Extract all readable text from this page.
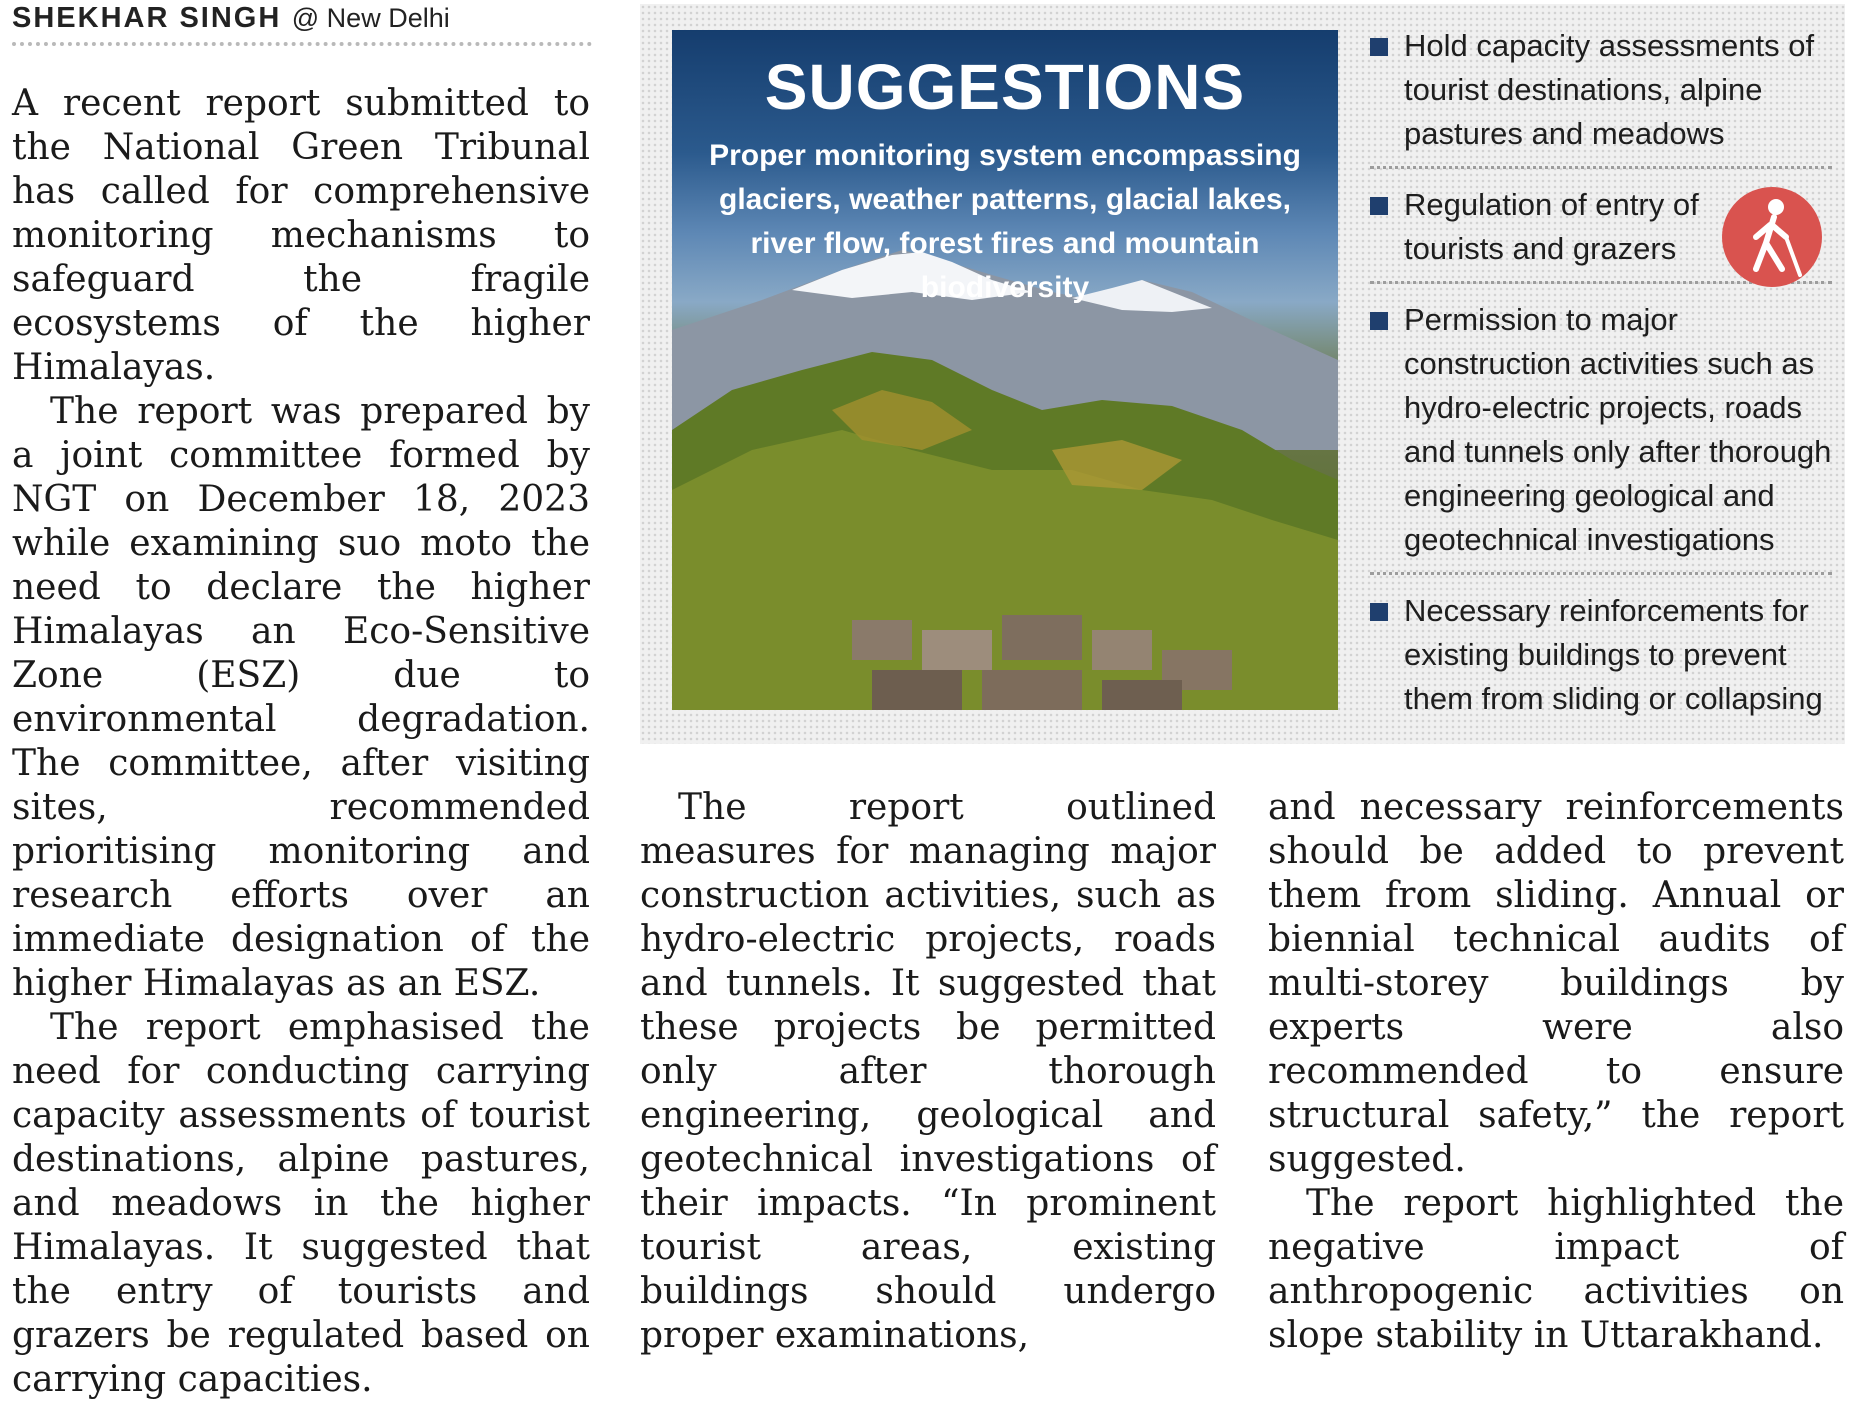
SHEKHAR SINGH @ New Delhi

A recent report submitted to the National Green Tribunal has called for comprehensive monitoring mechanisms to safeguard the fragile ecosystems of the higher Himalayas.

The report was prepared by a joint committee formed by NGT on December 18, 2023 while examining suo moto the need to declare the higher Himalayas an Eco-Sensitive Zone (ESZ) due to environmental degradation. The committee, after visiting sites, recommended prioritising monitoring and research efforts over an immediate designation of the higher Himalayas as an ESZ.

The report emphasised the need for conducting carrying capacity assessments of tourist destinations, alpine pastures, and meadows in the higher Himalayas. It suggested that the entry of tourists and grazers be regulated based on carrying capacities.

SUGGESTIONS
Proper monitoring system encompassing glaciers, weather patterns, glacial lakes, river flow, forest fires and mountain biodiversity
Hold capacity assessments of tourist destinations, alpine pastures and meadows
Regulation of entry of tourists and grazers
Permission to major construction activities such as hydro-electric projects, roads and tunnels only after thorough engineering geological and geotechnical investigations
Necessary reinforcements for existing buildings to prevent them from sliding or collapsing

The report outlined measures for managing major construction activities, such as hydro-electric projects, roads and tunnels. It suggested that these projects be permitted only after thorough engineering, geological and geotechnical investigations of their impacts. “In prominent tourist areas, existing buildings should undergo proper examinations,

and necessary reinforcements should be added to prevent them from sliding. Annual or biennial technical audits of multi-storey buildings by experts were also recommended to ensure structural safety,” the report suggested.

The report highlighted the negative impact of anthropogenic activities on slope stability in Uttarakhand.
